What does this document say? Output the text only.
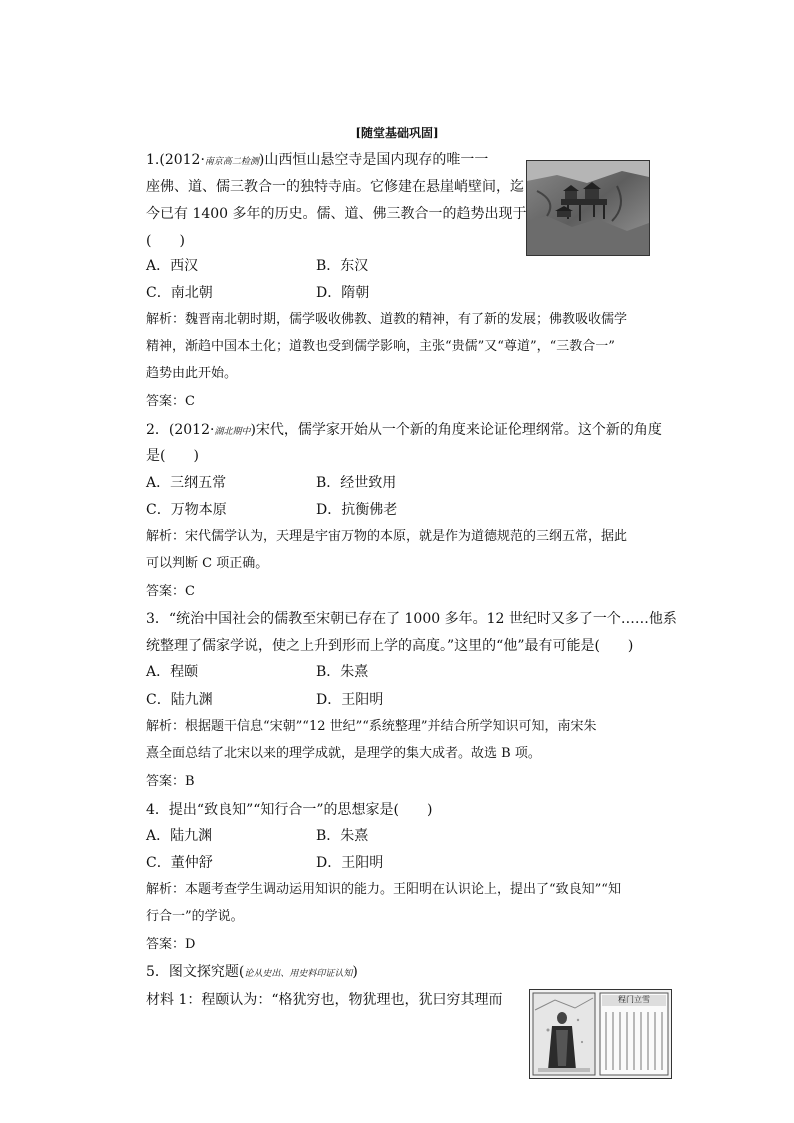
[随堂基础巩固]
1.(2012·南京高二检测)山西恒山悬空寺是国内现存的唯一一
座佛、道、儒三教合一的独特寺庙。它修建在悬崖峭壁间，迄
今已有 1400 多年的历史。儒、道、佛三教合一的趋势出现于
(　　)
A．西汉	B．东汉
C．南北朝	D．隋朝
解析：魏晋南北朝时期，儒学吸收佛教、道教的精神，有了新的发展；佛教吸收儒学
精神，渐趋中国本土化；道教也受到儒学影响，主张“贵儒”又“尊道”，“三教合一”
趋势由此开始。
答案：C
2．(2012·湖北期中)宋代，儒学家开始从一个新的角度来论证伦理纲常。这个新的角度
是(　　)
A．三纲五常	B．经世致用
C．万物本原	D．抗衡佛老
解析：宋代儒学认为，天理是宇宙万物的本原，就是作为道德规范的三纲五常，据此
可以判断 C 项正确。
答案：C
3．“统治中国社会的儒教至宋朝已存在了 1000 多年。12 世纪时又多了一个……他系
统整理了儒家学说，使之上升到形而上学的高度。”这里的“他”最有可能是(　　)
A．程颐	B．朱熹
C．陆九渊	D．王阳明
解析：根据题干信息“宋朝”“12 世纪”“系统整理”并结合所学知识可知，南宋朱
熹全面总结了北宋以来的理学成就，是理学的集大成者。故选 B 项。
答案：B
4．提出“致良知”“知行合一”的思想家是(　　)
A．陆九渊	B．朱熹
C．董仲舒	D．王阳明
解析：本题考查学生调动运用知识的能力。王阳明在认识论上，提出了“致良知”“知
行合一”的学说。
答案：D
5．图文探究题(论从史出、用史料印证认知)
材料 1：程颐认为：“格犹穷也，物犹理也，犹曰穷其理而	程门立雪
